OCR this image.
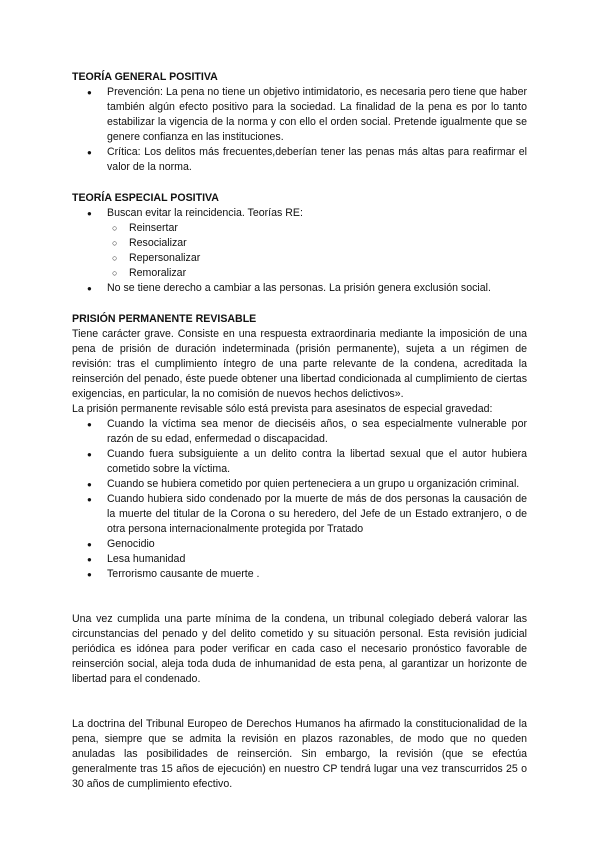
TEORÍA GENERAL POSITIVA
● Prevención: La pena no tiene un objetivo intimidatorio, es necesaria pero tiene que haber también algún efecto positivo para la sociedad. La finalidad de la pena es por lo tanto estabilizar la vigencia de la norma y con ello el orden social. Pretende igualmente que se genere confianza en las instituciones.
● Crítica: Los delitos más frecuentes,deberían tener las penas más altas para reafirmar el valor de la norma.
TEORÍA ESPECIAL POSITIVA
● Buscan evitar la reincidencia. Teorías RE:
○ Reinsertar
○ Resocializar
○ Repersonalizar
○ Remoralizar
● No se tiene derecho a cambiar a las personas. La prisión genera exclusión social.
PRISIÓN PERMANENTE REVISABLE

Tiene carácter grave. Consiste en una respuesta extraordinaria mediante la imposición de una pena de prisión de duración indeterminada (prisión permanente), sujeta a un régimen de revisión: tras el cumplimiento íntegro de una parte relevante de la condena, acreditada la reinserción del penado, éste puede obtener una libertad condicionada al cumplimiento de ciertas exigencias, en particular, la no comisión de nuevos hechos delictivos».

La prisión permanente revisable sólo está prevista para asesinatos de especial gravedad:

● Cuando la víctima sea menor de dieciséis años, o sea especialmente vulnerable por razón de su edad, enfermedad o discapacidad.
● Cuando fuera subsiguiente a un delito contra la libertad sexual que el autor hubiera cometido sobre la víctima.
● Cuando se hubiera cometido por quien perteneciera a un grupo u organización criminal.
● Cuando hubiera sido condenado por la muerte de más de dos personas la causación de la muerte del titular de la Corona o su heredero, del Jefe de un Estado extranjero, o de otra persona internacionalmente protegida por Tratado
● Genocidio
● Lesa humanidad
● Terrorismo causante de muerte .

Una vez cumplida una parte mínima de la condena, un tribunal colegiado deberá valorar las circunstancias del penado y del delito cometido y su situación personal. Esta revisión judicial periódica es idónea para poder verificar en cada caso el necesario pronóstico favorable de reinserción social, aleja toda duda de inhumanidad de esta pena, al garantizar un horizonte de libertad para el condenado.

La doctrina del Tribunal Europeo de Derechos Humanos ha afirmado la constitucionalidad de la pena, siempre que se admita la revisión en plazos razonables, de modo que no queden anuladas las posibilidades de reinserción. Sin embargo, la revisión (que se efectúa generalmente tras 15 años de ejecución) en nuestro CP tendrá lugar una vez transcurridos 25 o 30 años de cumplimiento efectivo.
